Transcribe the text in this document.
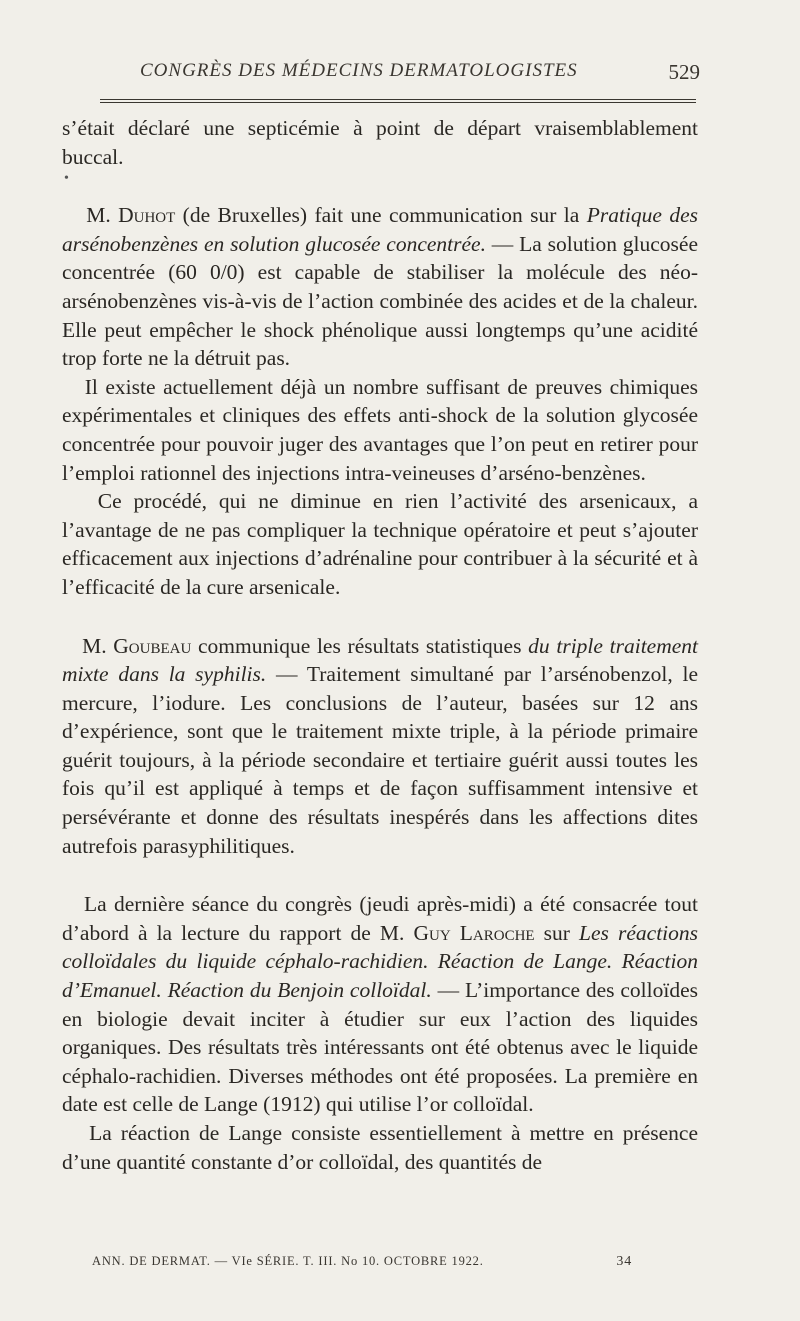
CONGRÈS DES MÉDECINS DERMATOLOGISTES	529

s’était déclaré une septicémie à point de départ vraisemblablement buccal.

•

M. Duhot (de Bruxelles) fait une communication sur la Pratique des arsénobenzènes en solution glucosée concentrée. — La solution glucosée concentrée (60 0/0) est capable de stabiliser la molécule des néo-arsénobenzènes vis-à-vis de l’action combinée des acides et de la chaleur. Elle peut empêcher le shock phénolique aussi longtemps qu’une acidité trop forte ne la détruit pas.

Il existe actuellement déjà un nombre suffisant de preuves chimiques expérimentales et cliniques des effets anti-shock de la solution glycosée concentrée pour pouvoir juger des avantages que l’on peut en retirer pour l’emploi rationnel des injections intra-veineuses d’arséno-benzènes.

Ce procédé, qui ne diminue en rien l’activité des arsenicaux, a l’avantage de ne pas compliquer la technique opératoire et peut s’ajouter efficacement aux injections d’adrénaline pour contribuer à la sécurité et à l’efficacité de la cure arsenicale.

M. Goubeau communique les résultats statistiques du triple traitement mixte dans la syphilis. — Traitement simultané par l’arsénobenzol, le mercure, l’iodure. Les conclusions de l’auteur, basées sur 12 ans d’expérience, sont que le traitement mixte triple, à la période primaire guérit toujours, à la période secondaire et tertiaire guérit aussi toutes les fois qu’il est appliqué à temps et de façon suffisamment intensive et persévérante et donne des résultats inespérés dans les affections dites autrefois parasyphilitiques.

La dernière séance du congrès (jeudi après-midi) a été consacrée tout d’abord à la lecture du rapport de M. Guy Laroche sur Les réactions colloïdales du liquide céphalo-rachidien. Réaction de Lange. Réaction d’Emanuel. Réaction du Benjoin colloïdal. — L’importance des colloïdes en biologie devait inciter à étudier sur eux l’action des liquides organiques. Des résultats très intéressants ont été obtenus avec le liquide céphalo-rachidien. Diverses méthodes ont été proposées. La première en date est celle de Lange (1912) qui utilise l’or colloïdal.

La réaction de Lange consiste essentiellement à mettre en présence d’une quantité constante d’or colloïdal, des quantités de

ANN. DE DERMAT. — VIe SÉRIE. T. III. No 10. OCTOBRE 1922.	34
